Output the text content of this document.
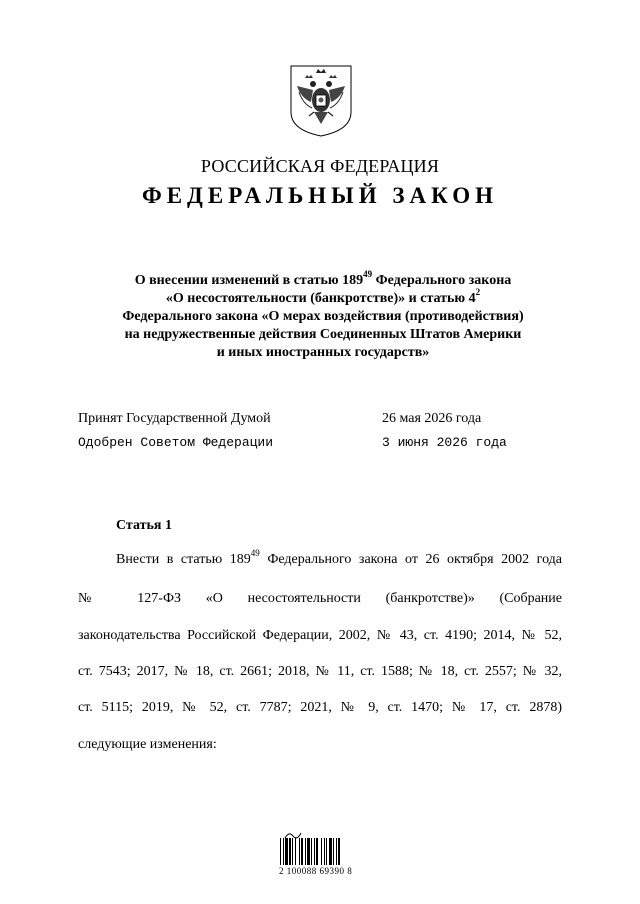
РОССИЙСКАЯ ФЕДЕРАЦИЯ
ФЕДЕРАЛЬНЫЙ ЗАКОН
О внесении изменений в статью $189^{49}$ Федерального закона
«О несостоятельности (банкротстве)» и статью $4^2$
Федерального закона «О мерах воздействия (противодействия)
на недружественные действия Соединенных Штатов Америки
и иных иностранных государств»
Принят Государственной Думой	26 мая 2026 года
Одобрен Советом Федерации	3 июня 2026 года
Статья 1
Внести в статью $189^{49}$ Федерального закона от 26 октября 2002 года
№ 127-ФЗ «О несостоятельности (банкротстве)» (Собрание
законодательства Российской Федерации, 2002, № 43, ст. 4190; 2014, № 52,
ст. 7543; 2017, № 18, ст. 2661; 2018, № 11, ст. 1588; № 18, ст. 2557; № 32,
ст. 5115; 2019, № 52, ст. 7787; 2021, № 9, ст. 1470; № 17, ст. 2878)
следующие изменения:
2 100088 69390 8
